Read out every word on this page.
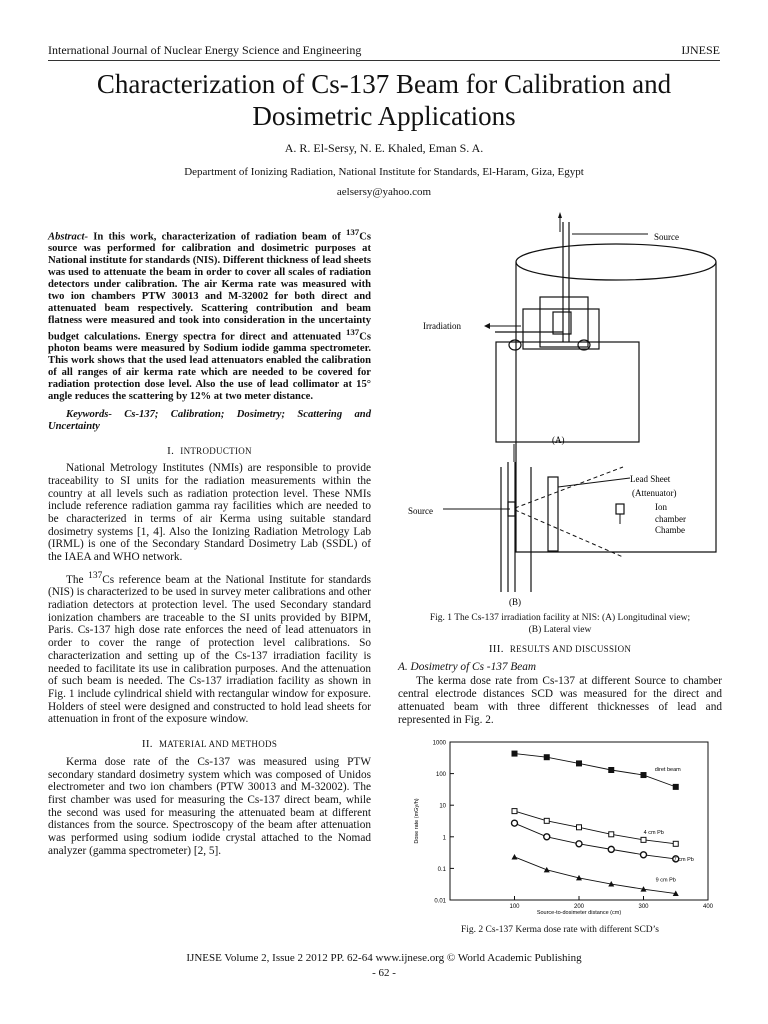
International Journal of Nuclear Energy Science and Engineering	IJNESE
Characterization of Cs-137 Beam for Calibration and Dosimetric Applications
A. R. El-Sersy, N. E. Khaled, Eman S. A.
Department of Ionizing Radiation, National Institute for Standards, El-Haram, Giza, Egypt
aelsersy@yahoo.com
Abstract- In this work, characterization of radiation beam of $^{137}$Cs source was performed for calibration and dosimetric purposes at National institute for standards (NIS). Different thickness of lead sheets was used to attenuate the beam in order to cover all scales of radiation detectors under calibration. The air Kerma rate was measured with two ion chambers PTW 30013 and M-32002 for both direct and attenuated beam respectively. Scattering contribution and beam flatness were measured and took into consideration in the uncertainty budget calculations. Energy spectra for direct and attenuated $^{137}$Cs photon beams were measured by Sodium iodide gamma spectrometer. This work shows that the used lead attenuators enabled the calibration of all ranges of air kerma rate which are needed to be covered for radiation protection dose level. Also the use of lead collimator at 15° angle reduces the scattering by 12% at two meter distance.
Keywords- Cs-137; Calibration; Dosimetry; Scattering and Uncertainty
I. INTRODUCTION

National Metrology Institutes (NMIs) are responsible to provide traceability to SI units for the radiation measurements within the country at all levels such as radiation protection level. These NMIs include reference radiation gamma ray facilities which are needed to be characterized in terms of air Kerma using suitable standard dosimetry systems [1, 4]. Also the Ionizing Radiation Metrology Lab (IRML) is one of the Secondary Standard Dosimetry Lab (SSDL) of the IAEA and WHO network.

The $^{137}$Cs reference beam at the National Institute for standards (NIS) is characterized to be used in survey meter calibrations and other radiation detectors at protection level. The used Secondary standard ionization chambers are traceable to the SI units provided by BIPM, Paris. Cs-137 high dose rate enforces the need of lead attenuators in order to cover the range of protection level calibrations. So characterization and setting up of the Cs-137 irradiation facility is needed to facilitate its use in calibration purposes. And the attenuation of such beam is needed. The Cs-137 irradiation facility as shown in Fig. 1 include cylindrical shield with rectangular window for exposure. Holders of steel were designed and constructed to hold lead sheets for attenuation in front of the exposure window.

II. MATERIAL AND METHODS

Kerma dose rate of the Cs-137 was measured using PTW secondary standard dosimetry system which was composed of Unidos electrometer and two ion chambers (PTW 30013 and M-32002). The first chamber was used for measuring the Cs-137 direct beam, while the second was used for measuring the attenuated beam at different distances from the source. Spectroscopy of the beam after attenuation was performed using sodium iodide crystal attached to the Nomad analyzer (gamma spectrometer) [2, 5].

Source
Irradiation
(A)
Lead Sheet
(Attenuator)
Source	Ion
chamber
Chambe
(B)
Fig. 1 The Cs-137 irradiation facility at NIS: (A) Longitudinal view;
(B) Lateral view
III. RESULTS AND DISCUSSION
A. Dosimetry of Cs -137 Beam

The kerma dose rate from Cs-137 at different Source to chamber central electrode distances SCD was measured for the direct and attenuated beam with three different thicknesses of lead and represented in Fig. 2.

1000
100
10
1
0.1
0.01
100	200	300	400
Source-to-dosimeter distance (cm)
Dose rate (mGy/h)
diret beam
4 cm Pb
7 cm Pb
9 cm Pb
Fig. 2 Cs-137 Kerma dose rate with different SCD’s
IJNESE Volume 2, Issue 2 2012 PP. 62-64 www.ijnese.org © World Academic Publishing
- 62 -
